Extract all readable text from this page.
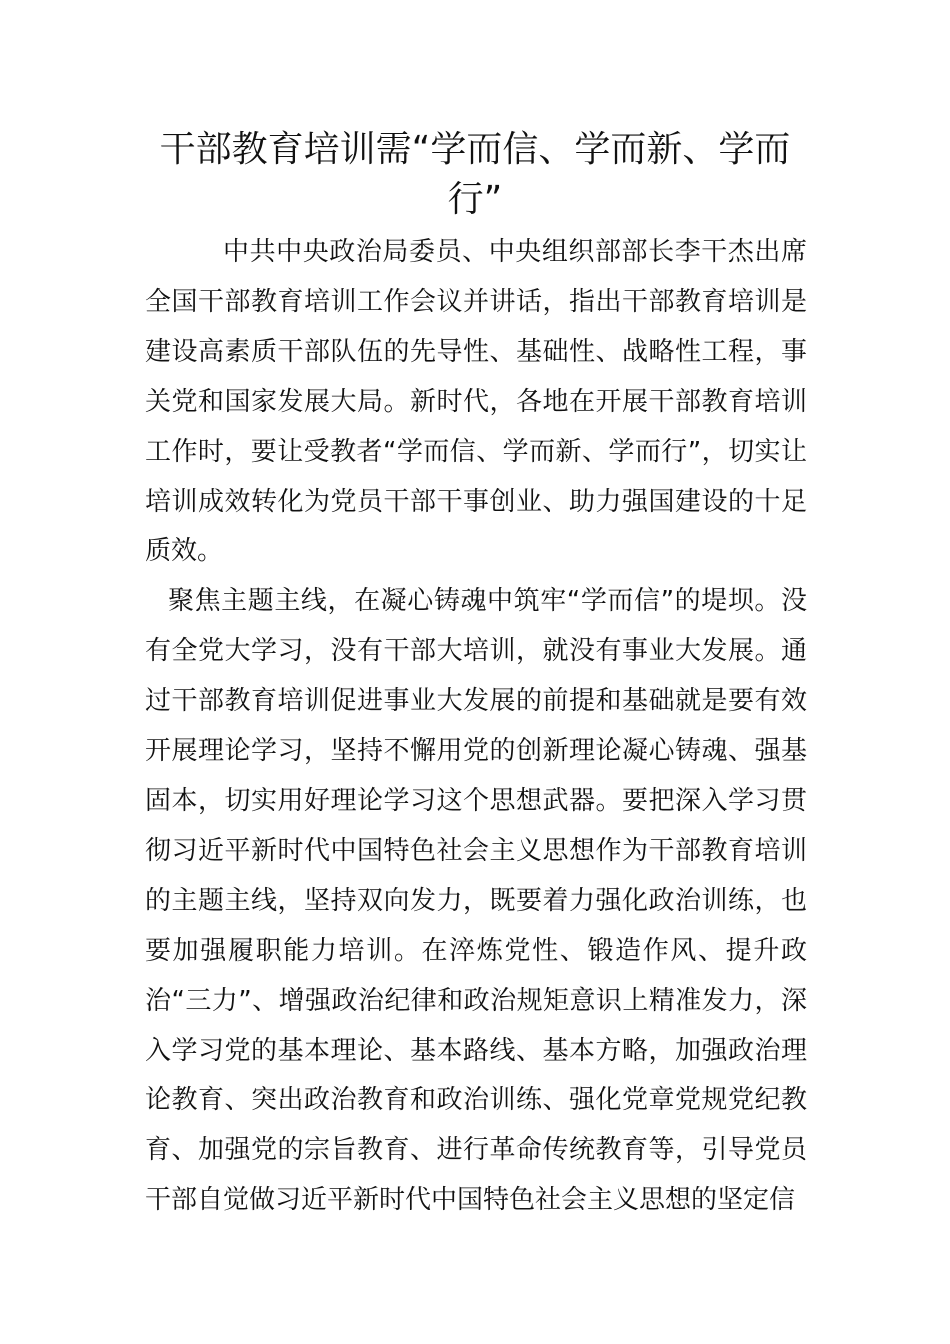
干部教育培训需“学而信、学而新、学而行”

中共中央政治局委员、中央组织部部长李干杰出席全国干部教育培训工作会议并讲话，指出干部教育培训是建设高素质干部队伍的先导性、基础性、战略性工程，事关党和国家发展大局。新时代，各地在开展干部教育培训工作时，要让受教者“学而信、学而新、学而行”，切实让培训成效转化为党员干部干事创业、助力强国建设的十足质效。

聚焦主题主线，在凝心铸魂中筑牢“学而信”的堤坝。没有全党大学习，没有干部大培训，就没有事业大发展。通过干部教育培训促进事业大发展的前提和基础就是要有效开展理论学习，坚持不懈用党的创新理论凝心铸魂、强基固本，切实用好理论学习这个思想武器。要把深入学习贯彻习近平新时代中国特色社会主义思想作为干部教育培训的主题主线，坚持双向发力，既要着力强化政治训练，也要加强履职能力培训。在淬炼党性、锻造作风、提升政治“三力”、增强政治纪律和政治规矩意识上精准发力，深入学习党的基本理论、基本路线、基本方略，加强政治理论教育、突出政治教育和政治训练、强化党章党规党纪教育、加强党的宗旨教育、进行革命传统教育等，引导党员干部自觉做习近平新时代中国特色社会主义思想的坚定信
